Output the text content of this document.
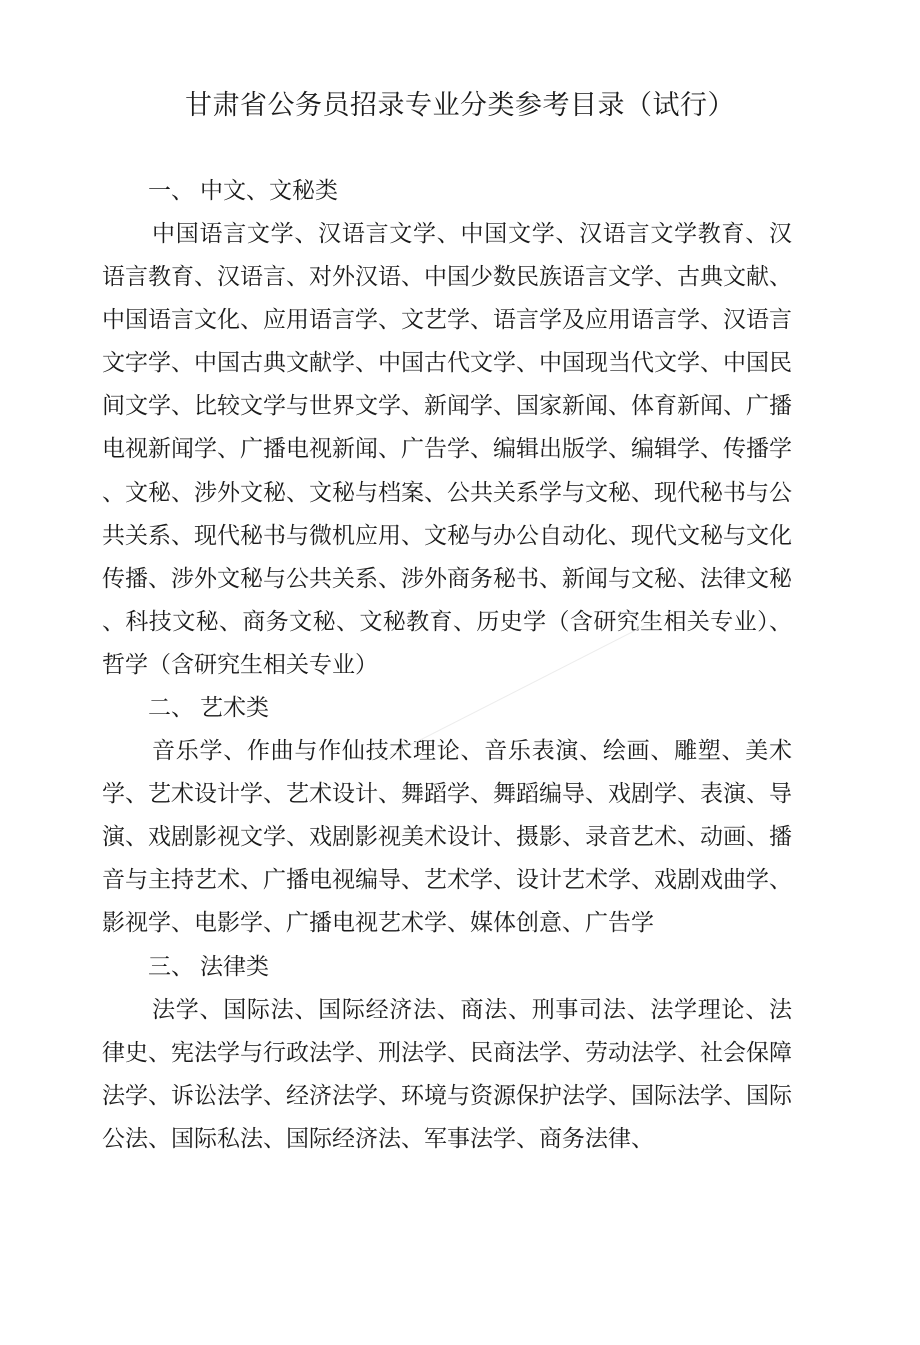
甘肃省公务员招录专业分类参考目录（试行）
一、 中文、文秘类

中国语言文学、汉语言文学、中国文学、汉语言文学教育、汉语言教育、汉语言、对外汉语、中国少数民族语言文学、古典文献、中国语言文化、应用语言学、文艺学、语言学及应用语言学、汉语言文字学、中国古典文献学、中国古代文学、中国现当代文学、中国民间文学、比较文学与世界文学、新闻学、国家新闻、体育新闻、广播电视新闻学、广播电视新闻、广告学、编辑出版学、编辑学、传播学、文秘、涉外文秘、文秘与档案、公共关系学与文秘、现代秘书与公共关系、现代秘书与微机应用、文秘与办公自动化、现代文秘与文化传播、涉外文秘与公共关系、涉外商务秘书、新闻与文秘、法律文秘、科技文秘、商务文秘、文秘教育、历史学（含研究生相关专业）、哲学（含研究生相关专业）

二、 艺术类

音乐学、作曲与作仙技术理论、音乐表演、绘画、雕塑、美术学、艺术设计学、艺术设计、舞蹈学、舞蹈编导、戏剧学、表演、导演、戏剧影视文学、戏剧影视美术设计、摄影、录音艺术、动画、播音与主持艺术、广播电视编导、艺术学、设计艺术学、戏剧戏曲学、影视学、电影学、广播电视艺术学、媒体创意、广告学

三、 法律类

法学、国际法、国际经济法、商法、刑事司法、法学理论、法律史、宪法学与行政法学、刑法学、民商法学、劳动法学、社会保障法学、诉讼法学、经济法学、环境与资源保护法学、国际法学、国际公法、国际私法、国际经济法、军事法学、商务法律、
